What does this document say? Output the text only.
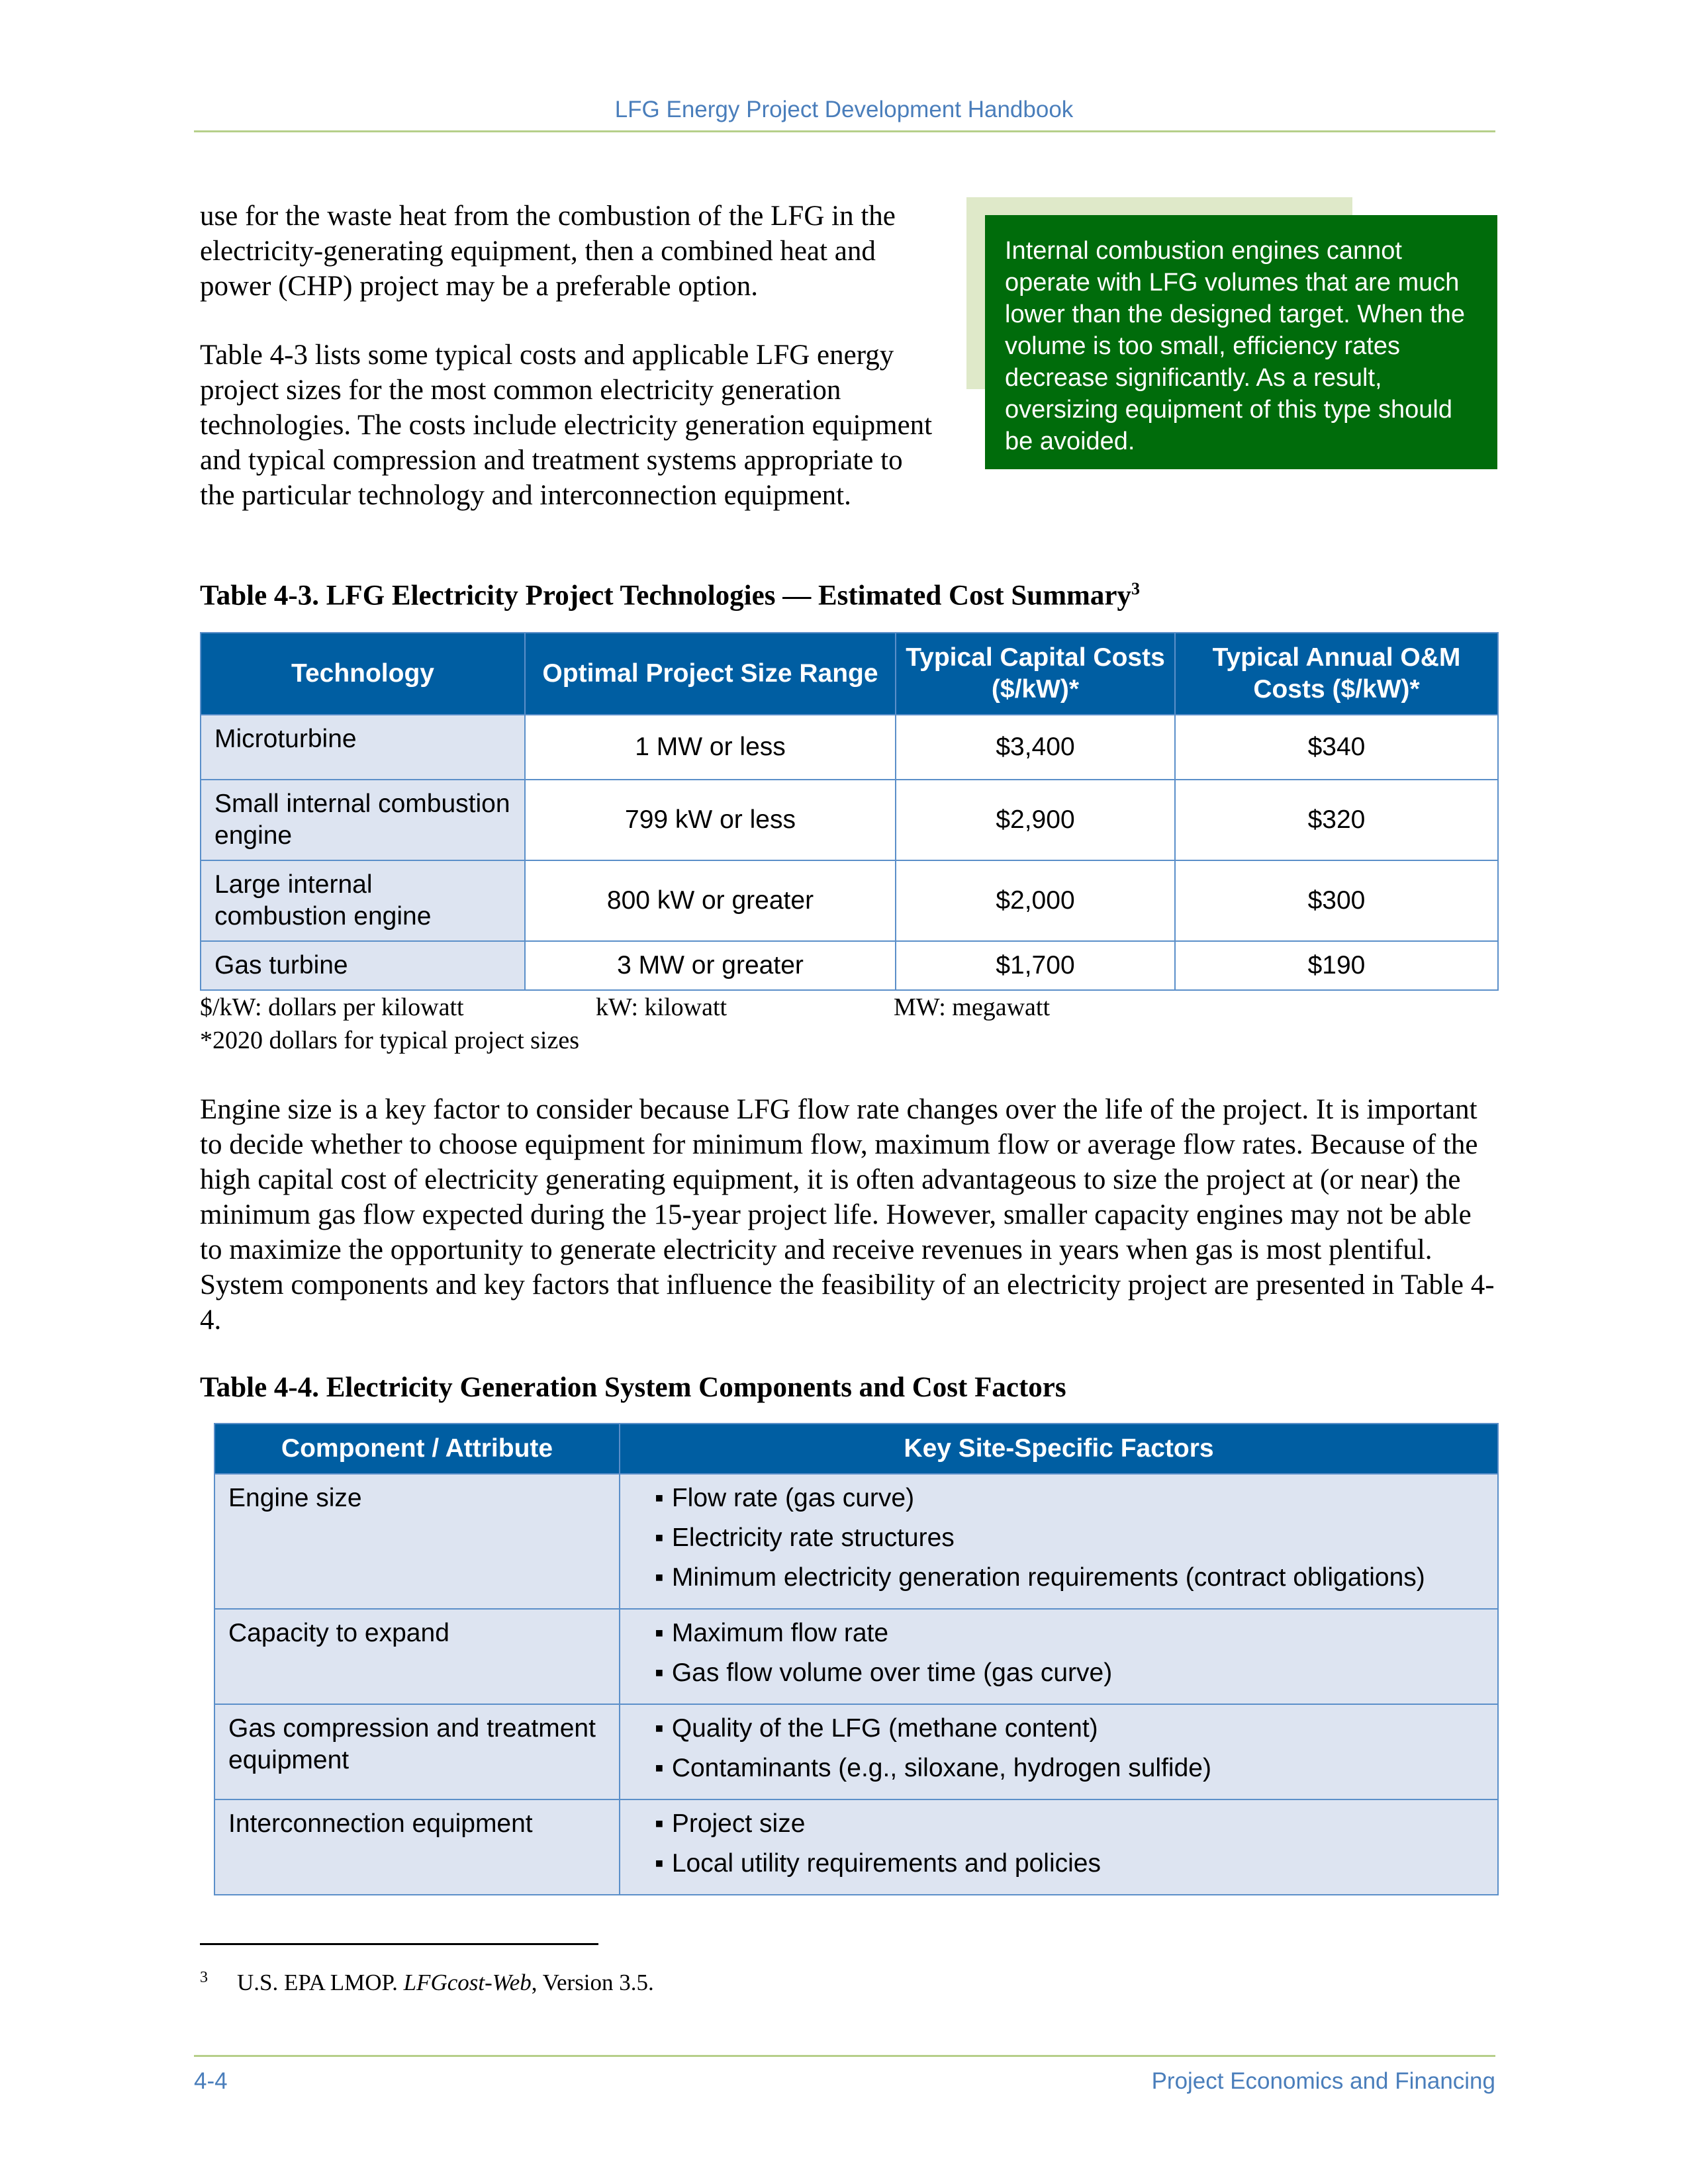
LFG Energy Project Development Handbook
use for the waste heat from the combustion of the LFG in the electricity-generating equipment, then a combined heat and power (CHP) project may be a preferable option.
Table 4-3 lists some typical costs and applicable LFG energy project sizes for the most common electricity generation technologies. The costs include electricity generation equipment and typical compression and treatment systems appropriate to the particular technology and interconnection equipment.
Internal combustion engines cannot operate with LFG volumes that are much lower than the designed target. When the volume is too small, efficiency rates decrease significantly. As a result, oversizing equipment of this type should be avoided.
Table 4-3. LFG Electricity Project Technologies — Estimated Cost Summary$^3$
Technology	Optimal Project Size Range	Typical Capital Costs ($/kW)*	Typical Annual O&M Costs ($/kW)*
Microturbine	1 MW or less	$3,400	$340
Small internal combustion engine	799 kW or less	$2,900	$320
Large internal combustion engine	800 kW or greater	$2,000	$300
Gas turbine	3 MW or greater	$1,700	$190
$/kW: dollars per kilowatt	kW: kilowatt	MW: megawatt
*2020 dollars for typical project sizes
Engine size is a key factor to consider because LFG flow rate changes over the life of the project. It is important to decide whether to choose equipment for minimum flow, maximum flow or average flow rates. Because of the high capital cost of electricity generating equipment, it is often advantageous to size the project at (or near) the minimum gas flow expected during the 15-year project life. However, smaller capacity engines may not be able to maximize the opportunity to generate electricity and receive revenues in years when gas is most plentiful. System components and key factors that influence the feasibility of an electricity project are presented in Table 4-4.
Table 4-4. Electricity Generation System Components and Cost Factors
Component / Attribute	Key Site-Specific Factors
Engine size	▪ Flow rate (gas curve)
▪ Electricity rate structures
▪ Minimum electricity generation requirements (contract obligations)

Capacity to expand	▪ Maximum flow rate
▪ Gas flow volume over time (gas curve)

Gas compression and treatment equipment	▪ Quality of the LFG (methane content)
▪ Contaminants (e.g., siloxane, hydrogen sulfide)

Interconnection equipment	▪ Project size
▪ Local utility requirements and policies
$^3$ U.S. EPA LMOP. LFGcost-Web, Version 3.5.
4-4	Project Economics and Financing
